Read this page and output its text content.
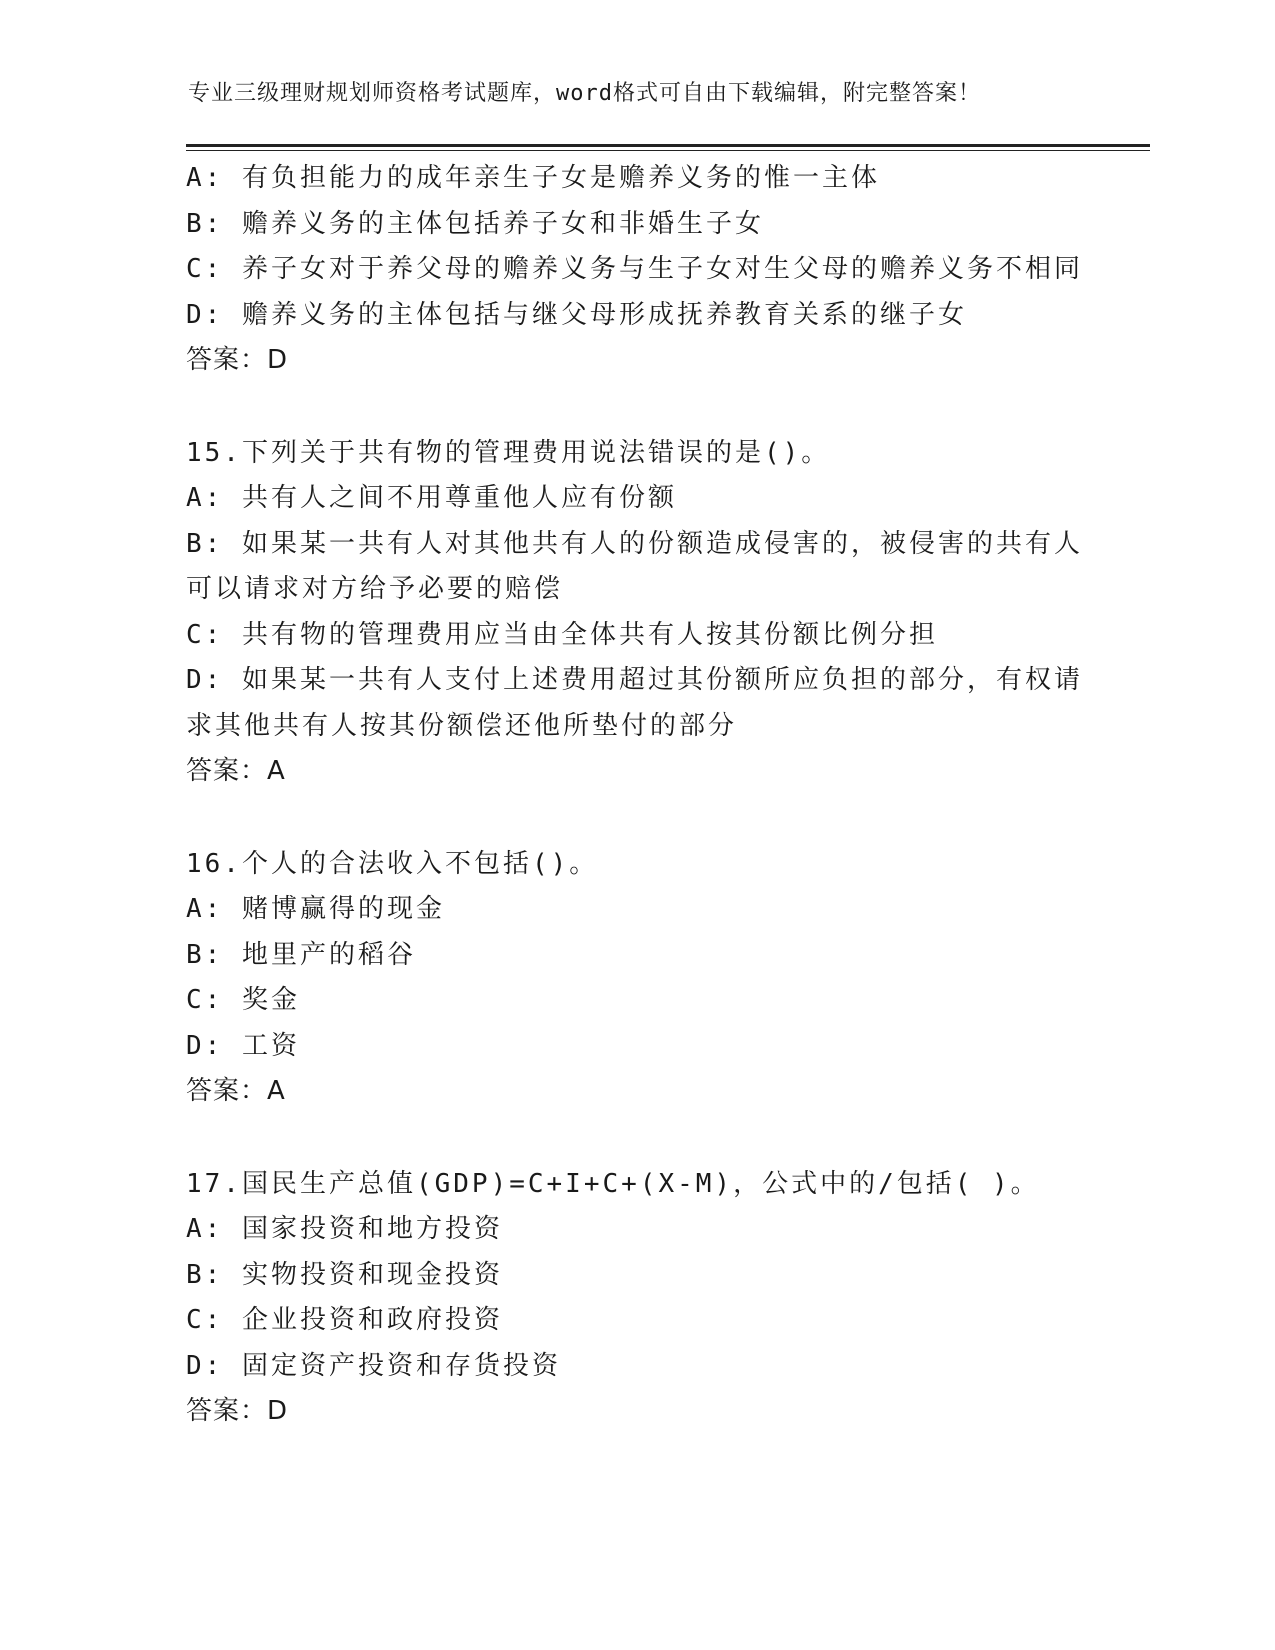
专业三级理财规划师资格考试题库，word格式可自由下载编辑，附完整答案！
A: 有负担能力的成年亲生子女是赡养义务的惟一主体
B: 赡养义务的主体包括养子女和非婚生子女
C: 养子女对于养父母的赡养义务与生子女对生父母的赡养义务不相同
D: 赡养义务的主体包括与继父母形成抚养教育关系的继子女
答案：D
15.下列关于共有物的管理费用说法错误的是()。
A: 共有人之间不用尊重他人应有份额
B: 如果某一共有人对其他共有人的份额造成侵害的，被侵害的共有人
可以请求对方给予必要的赔偿
C: 共有物的管理费用应当由全体共有人按其份额比例分担
D: 如果某一共有人支付上述费用超过其份额所应负担的部分，有权请
求其他共有人按其份额偿还他所垫付的部分
答案：A
16.个人的合法收入不包括()。
A: 赌博赢得的现金
B: 地里产的稻谷
C: 奖金
D: 工资
答案：A
17.国民生产总值(GDP)=C+I+C+(X-M)，公式中的/包括( )。
A: 国家投资和地方投资
B: 实物投资和现金投资
C: 企业投资和政府投资
D: 固定资产投资和存货投资
答案：D
